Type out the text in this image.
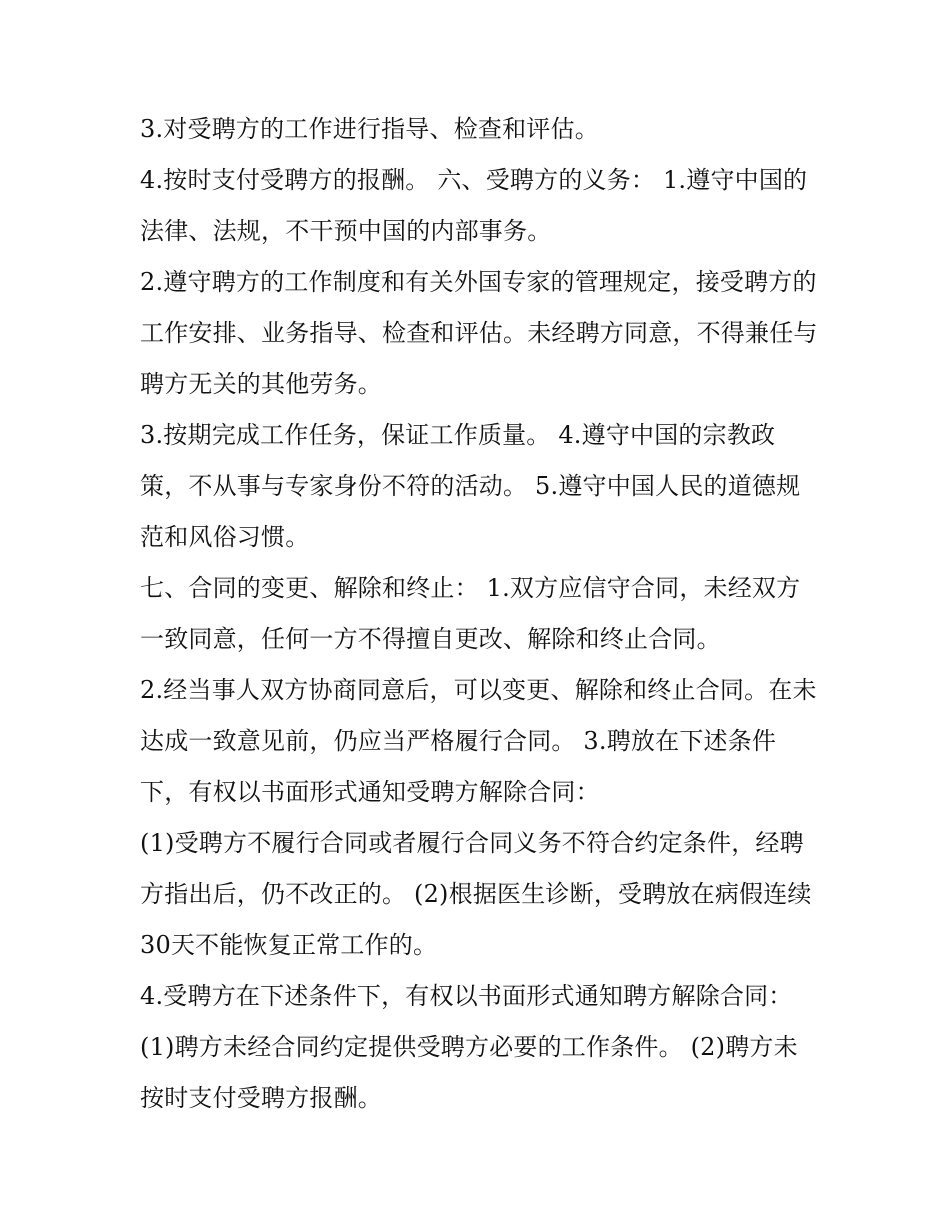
3.对受聘方的工作进行指导、检查和评估。

4.按时支付受聘方的报酬。 六、受聘方的义务： 1.遵守中国的法律、法规，不干预中国的内部事务。

2.遵守聘方的工作制度和有关外国专家的管理规定，接受聘方的工作安排、业务指导、检查和评估。未经聘方同意，不得兼任与聘方无关的其他劳务。

3.按期完成工作任务，保证工作质量。 4.遵守中国的宗教政策，不从事与专家身份不符的活动。 5.遵守中国人民的道德规范和风俗习惯。

七、合同的变更、解除和终止： 1.双方应信守合同，未经双方一致同意，任何一方不得擅自更改、解除和终止合同。

2.经当事人双方协商同意后，可以变更、解除和终止合同。在未达成一致意见前，仍应当严格履行合同。 3.聘放在下述条件下，有权以书面形式通知受聘方解除合同：

(1)受聘方不履行合同或者履行合同义务不符合约定条件，经聘方指出后，仍不改正的。 (2)根据医生诊断，受聘放在病假连续30天不能恢复正常工作的。

4.受聘方在下述条件下，有权以书面形式通知聘方解除合同：

(1)聘方未经合同约定提供受聘方必要的工作条件。 (2)聘方未按时支付受聘方报酬。
